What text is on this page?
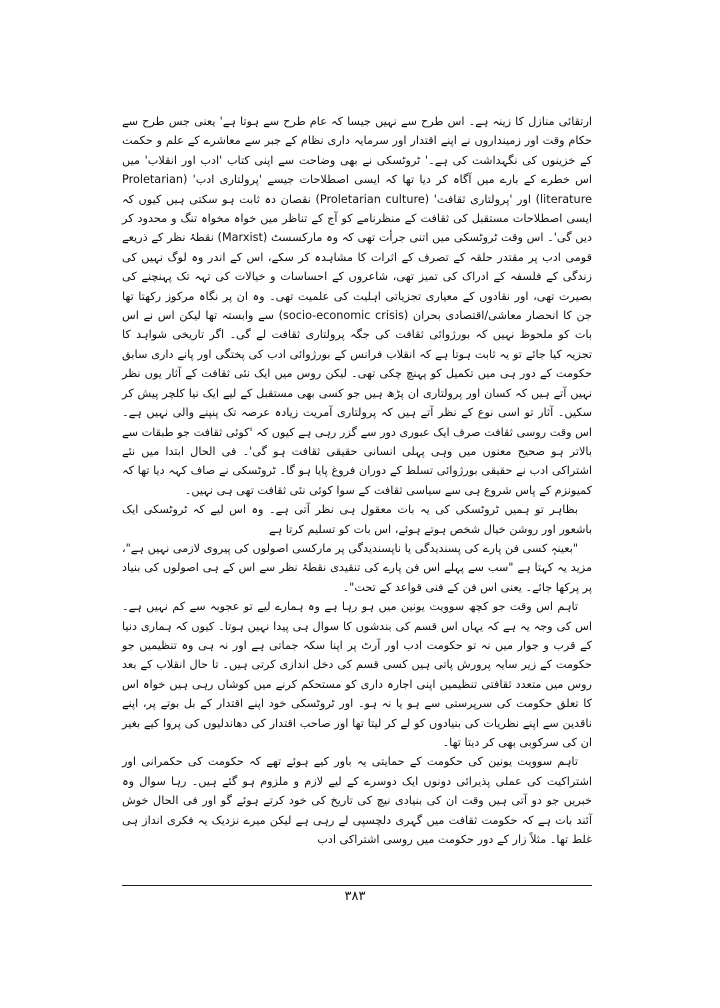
ارتقائی منازل کا زینہ ہے۔ اس طرح سے نہیں جیسا کہ عام طرح سے ہوتا ہے' یعنی جس طرح سے حکام وقت اور زمینداروں نے اپنے اقتدار اور سرمایہ داری نظام کے جبر سے معاشرے کے علم و حکمت کے خزینوں کی نگہداشت کی ہے۔' ٹروٹسکی نے بھی وضاحت سے اپنی کتاب 'ادب اور انقلاب' میں اس خطرے کے بارے میں آگاہ کر دیا تھا کہ ایسی اصطلاحات جیسے 'پرولتاری ادب' (Proletarian literature) اور 'پرولتاری ثقافت' (Proletarian culture) نقصان دہ ثابت ہو سکتی ہیں کیوں کہ ایسی اصطلاحات مستقبل کی ثقافت کے منظرنامے کو آج کے تناظر میں خواہ مخواہ تنگ و محدود کر دیں گی'۔ اس وقت ٹروٹسکی میں اتنی جرأت تھی کہ وہ مارکسسٹ (Marxist) نقطۂ نظر کے ذریعے قومی ادب پر مقتدر حلقہ کے تصرف کے اثرات کا مشاہدہ کر سکے، اس کے اندر وہ لوگ نہیں کی زندگی کے فلسفہ کے ادراک کی تمیز تھی، شاعروں کے احساسات و خیالات کی تہہ تک پہنچنے کی بصیرت تھی، اور نقادوں کے معیاری تجزیاتی اہلیت کی علمیت تھی۔ وہ ان پر نگاہ مرکوز رکھتا تھا جن کا انحصار معاشی/اقتصادی بحران (socio-economic crisis) سے وابستہ تھا لیکن اس نے اس بات کو ملحوظ نہیں کہ بورژوائی ثقافت کی جگہ پرولتاری ثقافت لے گی۔ اگر تاریخی شواہد کا تجزیہ کیا جائے تو یہ ثابت ہوتا ہے کہ انقلاب فرانس کے بورژوائی ادب کی پختگی اور پانے داری سابق حکومت کے دور ہی میں تکمیل کو پہنچ چکی تھی۔ لیکن روس میں ایک نئی ثقافت کے آثار یوں نظر نہیں آتے ہیں کہ کسان اور پرولتاری ان پڑھ ہیں جو کسی بھی مستقبل کے لیے ایک نیا کلچر پیش کر سکیں۔ آثار تو اسی نوع کے نظر آتے ہیں کہ پرولتاری آمریت زیادہ عرصہ تک پنپنے والی نہیں ہے۔ اس وقت روسی ثقافت صرف ایک عبوری دور سے گزر رہی ہے کیوں کہ 'کوئی ثقافت جو طبقات سے بالاتر ہو صحیح معنوں میں وہی پہلی انسانی حقیقی ثقافت ہو گی'۔ فی الحال ابتدا میں نئے اشتراکی ادب نے حقیقی بورژوائی تسلط کے دوران فروغ پایا ہو گا۔ ٹروٹسکی نے صاف کہہ دیا تھا کہ کمیونزم کے پاس شروع ہی سے سیاسی ثقافت کے سوا کوئی نئی ثقافت تھی ہی نہیں۔

بظاہر تو ہمیں ٹروٹسکی کی یہ بات معقول ہی نظر آتی ہے۔ وہ اس لیے کہ ٹروٹسکی ایک باشعور اور روشن خیال شخص ہوتے ہوئے، اس بات کو تسلیم کرتا ہے

"بعینہٖ کسی فن پارے کی پسندیدگی یا ناپسندیدگی پر مارکسی اصولوں کی پیروی لازمی نہیں ہے"، مزید یہ کہتا ہے "سب سے پہلے اس فن پارے کی تنقیدی نقطۂ نظر سے اس کے ہی اصولوں کی بنیاد پر پرکھا جائے۔ یعنی اس فن کے فنی قواعد کے تحت"۔

تاہم اس وقت جو کچھ سوویت یونین میں ہو رہا ہے وہ ہمارے لیے تو عجوبہ سے کم نہیں ہے۔ اس کی وجہ یہ ہے کہ یہاں اس قسم کی بندشوں کا سوال ہی پیدا نہیں ہوتا۔ کیوں کہ ہماری دنیا کے قرب و جوار میں نہ تو حکومت ادب اور آرٹ پر اپنا سکہ جماتی ہے اور نہ ہی وہ تنظیمیں جو حکومت کے زیر سایہ پرورش پاتی ہیں کسی قسم کی دخل اندازی کرتی ہیں۔ تا حال انقلاب کے بعد روس میں متعدد ثقافتی تنظیمیں اپنی اجارہ داری کو مستحکم کرنے میں کوشاں رہی ہیں خواہ اس کا تعلق حکومت کی سرپرستی سے ہو یا نہ ہو۔ اور ٹروٹسکی خود اپنے اقتدار کے بل بوتے پر، اپنے ناقدین سے اپنے نظریات کی بنیادوں کو لے کر لیتا تھا اور صاحب اقتدار کی دھاندلیوں کی پروا کیے بغیر ان کی سرکوبی بھی کر دیتا تھا۔

تاہم سوویت یونین کی حکومت کے حمایتی یہ باور کیے ہوئے تھے کہ حکومت کی حکمرانی اور اشتراکیت کی عملی پذیرائی دونوں ایک دوسرے کے لیے لازم و ملزوم ہو گئے ہیں۔ رہا سوال وہ خبریں جو دو آتی ہیں وقت ان کی بنیادی نیچ کی تاریخ کی خود کرتے ہوئے گو اور فی الحال خوش آئند بات ہے کہ حکومت ثقافت میں گہری دلچسپی لے رہی ہے لیکن میرے نزدیک یہ فکری انداز ہی غلط تھا۔ مثلاً زار کے دور حکومت میں روسی اشتراکی ادب

۳۸۳
